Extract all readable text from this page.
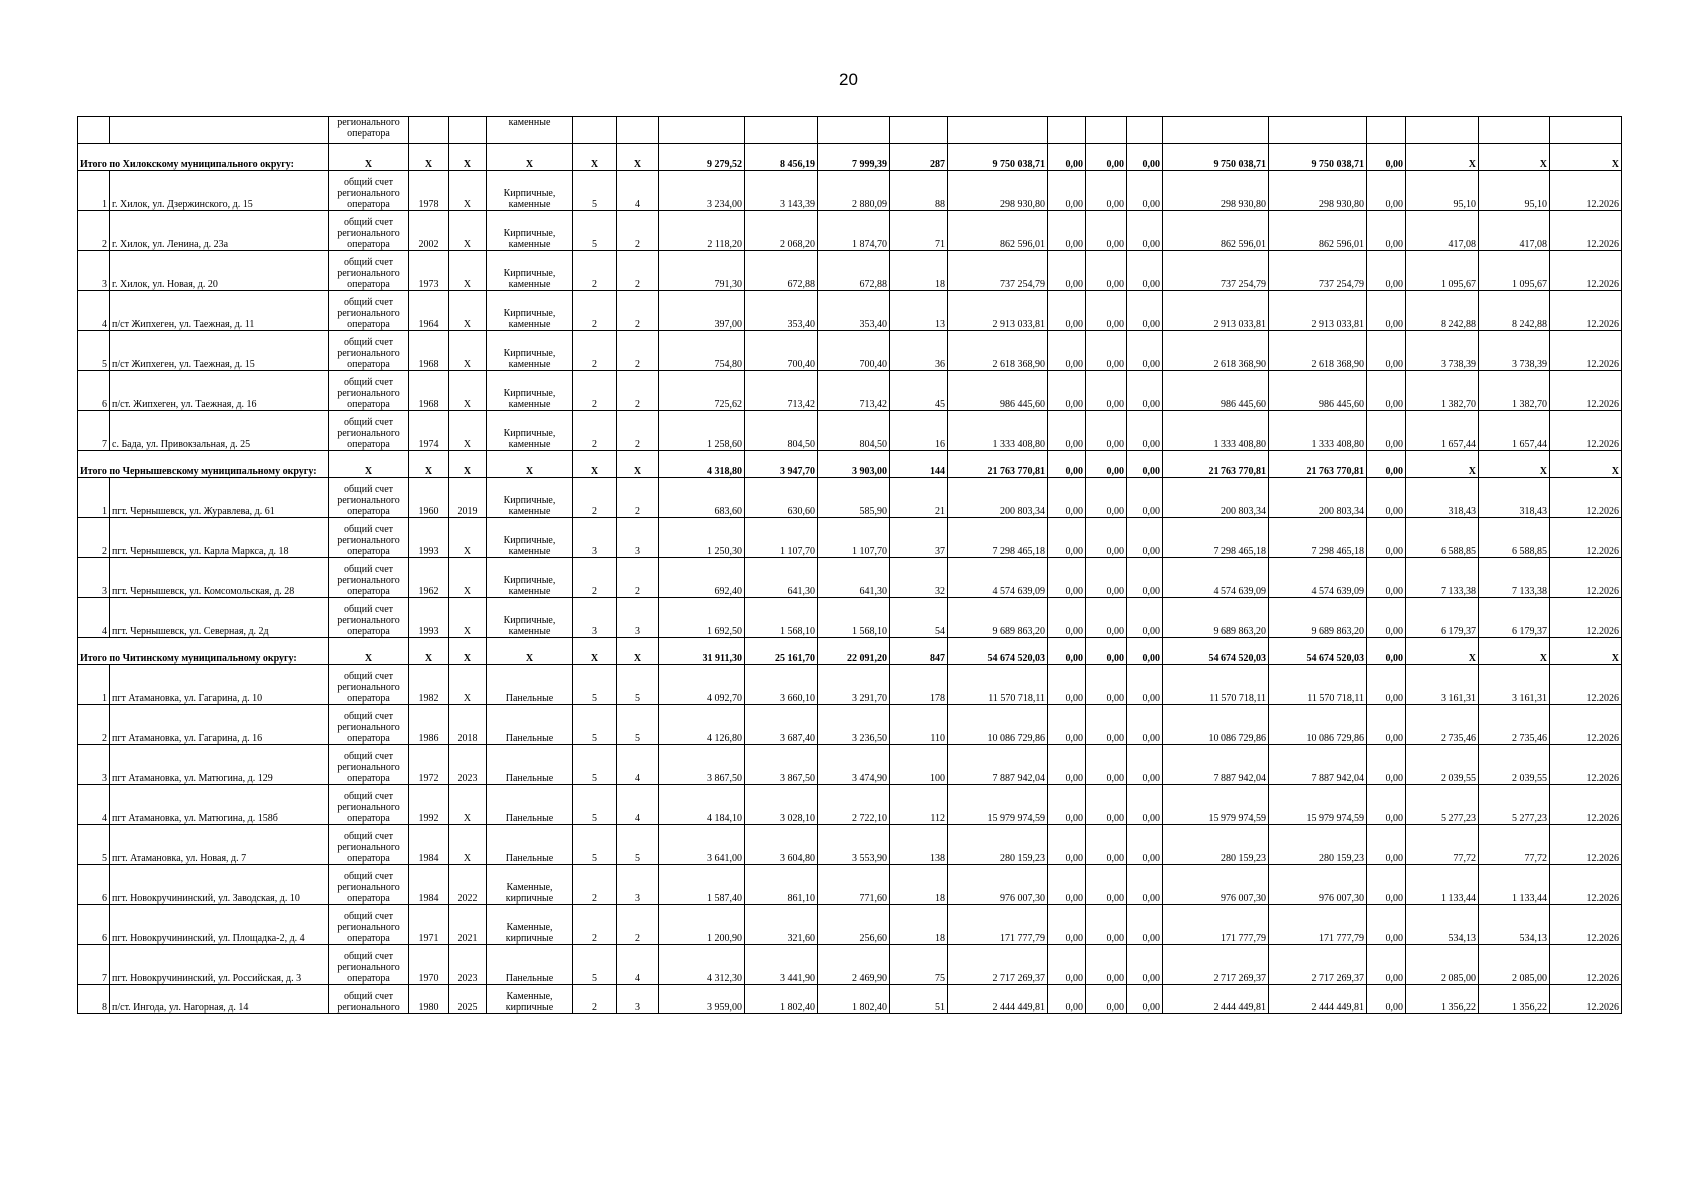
20
		регионального оператора			каменные																	
Итого по Хилокскому муниципального округу:		X	X	X	X	X	X	9 279,52	8 456,19	7 999,39	287	9 750 038,71	0,00	0,00	0,00	9 750 038,71	9 750 038,71	0,00	X	X	X	
1	г. Хилок, ул. Дзержинского, д. 15	общий счет регионального оператора	1978	X	Кирпичные, каменные	5	4	3 234,00	3 143,39	2 880,09	88	298 930,80	0,00	0,00	0,00	298 930,80	298 930,80	0,00	95,10	95,10	12.2026	
2	г. Хилок, ул. Ленина, д. 23а	общий счет регионального оператора	2002	X	Кирпичные, каменные	5	2	2 118,20	2 068,20	1 874,70	71	862 596,01	0,00	0,00	0,00	862 596,01	862 596,01	0,00	417,08	417,08	12.2026	
3	г. Хилок, ул. Новая, д. 20	общий счет регионального оператора	1973	X	Кирпичные, каменные	2	2	791,30	672,88	672,88	18	737 254,79	0,00	0,00	0,00	737 254,79	737 254,79	0,00	1 095,67	1 095,67	12.2026	
4	п/ст Жипхеген, ул. Таежная, д. 11	общий счет регионального оператора	1964	X	Кирпичные, каменные	2	2	397,00	353,40	353,40	13	2 913 033,81	0,00	0,00	0,00	2 913 033,81	2 913 033,81	0,00	8 242,88	8 242,88	12.2026	
5	п/ст Жипхеген, ул. Таежная, д. 15	общий счет регионального оператора	1968	X	Кирпичные, каменные	2	2	754,80	700,40	700,40	36	2 618 368,90	0,00	0,00	0,00	2 618 368,90	2 618 368,90	0,00	3 738,39	3 738,39	12.2026	
6	п/ст. Жипхеген, ул. Таежная, д. 16	общий счет регионального оператора	1968	X	Кирпичные, каменные	2	2	725,62	713,42	713,42	45	986 445,60	0,00	0,00	0,00	986 445,60	986 445,60	0,00	1 382,70	1 382,70	12.2026	
7	с. Бада, ул. Привокзальная, д. 25	общий счет регионального оператора	1974	X	Кирпичные, каменные	2	2	1 258,60	804,50	804,50	16	1 333 408,80	0,00	0,00	0,00	1 333 408,80	1 333 408,80	0,00	1 657,44	1 657,44	12.2026	
Итого по Чернышевскому муниципальному округу:		X	X	X	X	X	X	4 318,80	3 947,70	3 903,00	144	21 763 770,81	0,00	0,00	0,00	21 763 770,81	21 763 770,81	0,00	X	X	X	
1	пгт. Чернышевск, ул. Журавлева, д. 61	общий счет регионального оператора	1960	2019	Кирпичные, каменные	2	2	683,60	630,60	585,90	21	200 803,34	0,00	0,00	0,00	200 803,34	200 803,34	0,00	318,43	318,43	12.2026	
2	пгт. Чернышевск, ул. Карла Маркса, д. 18	общий счет регионального оператора	1993	X	Кирпичные, каменные	3	3	1 250,30	1 107,70	1 107,70	37	7 298 465,18	0,00	0,00	0,00	7 298 465,18	7 298 465,18	0,00	6 588,85	6 588,85	12.2026	
3	пгт. Чернышевск, ул. Комсомольская, д. 28	общий счет регионального оператора	1962	X	Кирпичные, каменные	2	2	692,40	641,30	641,30	32	4 574 639,09	0,00	0,00	0,00	4 574 639,09	4 574 639,09	0,00	7 133,38	7 133,38	12.2026	
4	пгт. Чернышевск, ул. Северная, д. 2д	общий счет регионального оператора	1993	X	Кирпичные, каменные	3	3	1 692,50	1 568,10	1 568,10	54	9 689 863,20	0,00	0,00	0,00	9 689 863,20	9 689 863,20	0,00	6 179,37	6 179,37	12.2026	
Итого по Читинскому муниципальному округу:		X	X	X	X	X	X	31 911,30	25 161,70	22 091,20	847	54 674 520,03	0,00	0,00	0,00	54 674 520,03	54 674 520,03	0,00	X	X	X	
1	пгт Атамановка, ул. Гагарина, д. 10	общий счет регионального оператора	1982	X	Панельные	5	5	4 092,70	3 660,10	3 291,70	178	11 570 718,11	0,00	0,00	0,00	11 570 718,11	11 570 718,11	0,00	3 161,31	3 161,31	12.2026	
2	пгт Атамановка, ул. Гагарина, д. 16	общий счет регионального оператора	1986	2018	Панельные	5	5	4 126,80	3 687,40	3 236,50	110	10 086 729,86	0,00	0,00	0,00	10 086 729,86	10 086 729,86	0,00	2 735,46	2 735,46	12.2026	
3	пгт Атамановка, ул. Матюгина, д. 129	общий счет регионального оператора	1972	2023	Панельные	5	4	3 867,50	3 867,50	3 474,90	100	7 887 942,04	0,00	0,00	0,00	7 887 942,04	7 887 942,04	0,00	2 039,55	2 039,55	12.2026	
4	пгт Атамановка, ул. Матюгина, д. 158б	общий счет регионального оператора	1992	X	Панельные	5	4	4 184,10	3 028,10	2 722,10	112	15 979 974,59	0,00	0,00	0,00	15 979 974,59	15 979 974,59	0,00	5 277,23	5 277,23	12.2026	
5	пгт. Атамановка, ул. Новая, д. 7	общий счет регионального оператора	1984	X	Панельные	5	5	3 641,00	3 604,80	3 553,90	138	280 159,23	0,00	0,00	0,00	280 159,23	280 159,23	0,00	77,72	77,72	12.2026	
6	пгт. Новокручининский, ул. Заводская, д. 10	общий счет регионального оператора	1984	2022	Каменные, кирпичные	2	3	1 587,40	861,10	771,60	18	976 007,30	0,00	0,00	0,00	976 007,30	976 007,30	0,00	1 133,44	1 133,44	12.2026	
6	пгт. Новокручининский, ул. Площадка-2, д. 4	общий счет регионального оператора	1971	2021	Каменные, кирпичные	2	2	1 200,90	321,60	256,60	18	171 777,79	0,00	0,00	0,00	171 777,79	171 777,79	0,00	534,13	534,13	12.2026	
7	пгт. Новокручининский, ул. Российская, д. 3	общий счет регионального оператора	1970	2023	Панельные	5	4	4 312,30	3 441,90	2 469,90	75	2 717 269,37	0,00	0,00	0,00	2 717 269,37	2 717 269,37	0,00	2 085,00	2 085,00	12.2026	
8	п/ст. Ингода, ул. Нагорная, д. 14	общий счет регионального	1980	2025	Каменные, кирпичные	2	3	3 959,00	1 802,40	1 802,40	51	2 444 449,81	0,00	0,00	0,00	2 444 449,81	2 444 449,81	0,00	1 356,22	1 356,22	12.2026	
